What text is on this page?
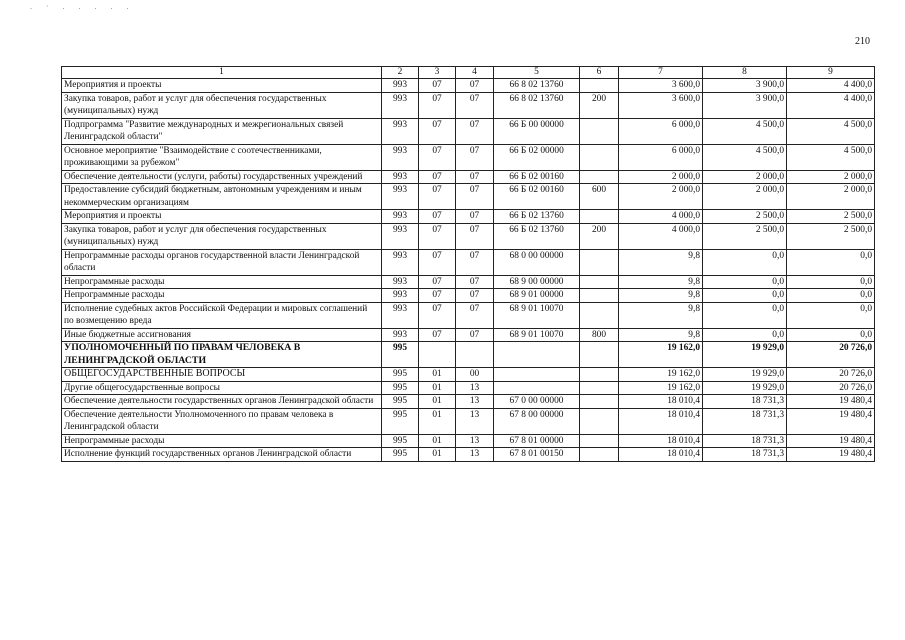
. · . . . . .
210
1	2	3	4	5	6	7	8	9
Мероприятия и проекты	993	07	07	66 8 02 13760		3 600,0	3 900,0	4 400,0
Закупка товаров, работ и услуг для обеспечения государственных (муниципальных) нужд	993	07	07	66 8 02 13760	200	3 600,0	3 900,0	4 400,0
Подпрограмма "Развитие международных и межрегиональных связей Ленинградской области"	993	07	07	66 Б 00 00000		6 000,0	4 500,0	4 500,0
Основное мероприятие "Взаимодействие с соотечественниками, проживающими за рубежом"	993	07	07	66 Б 02 00000		6 000,0	4 500,0	4 500,0
Обеспечение деятельности (услуги, работы) государственных учреждений	993	07	07	66 Б 02 00160		2 000,0	2 000,0	2 000,0
Предоставление субсидий бюджетным, автономным учреждениям и иным некоммерческим организациям	993	07	07	66 Б 02 00160	600	2 000,0	2 000,0	2 000,0
Мероприятия и проекты	993	07	07	66 Б 02 13760		4 000,0	2 500,0	2 500,0
Закупка товаров, работ и услуг для обеспечения государственных (муниципальных) нужд	993	07	07	66 Б 02 13760	200	4 000,0	2 500,0	2 500,0
Непрограммные расходы органов государственной власти Ленинградской области	993	07	07	68 0 00 00000		9,8	0,0	0,0
Непрограммные расходы	993	07	07	68 9 00 00000		9,8	0,0	0,0
Непрограммные расходы	993	07	07	68 9 01 00000		9,8	0,0	0,0
Исполнение судебных актов Российской Федерации и мировых соглашений по возмещению вреда	993	07	07	68 9 01 10070		9,8	0,0	0,0
Иные бюджетные ассигнования	993	07	07	68 9 01 10070	800	9,8	0,0	0,0
УПОЛНОМОЧЕННЫЙ ПО ПРАВАМ ЧЕЛОВЕКА В ЛЕНИНГРАДСКОЙ ОБЛАСТИ	995					19 162,0	19 929,0	20 726,0
ОБЩЕГОСУДАРСТВЕННЫЕ ВОПРОСЫ	995	01	00			19 162,0	19 929,0	20 726,0
Другие общегосударственные вопросы	995	01	13			19 162,0	19 929,0	20 726,0
Обеспечение деятельности государственных органов Ленинградской области	995	01	13	67 0 00 00000		18 010,4	18 731,3	19 480,4
Обеспечение деятельности Уполномоченного по правам человека в Ленинградской области	995	01	13	67 8 00 00000		18 010,4	18 731,3	19 480,4
Непрограммные расходы	995	01	13	67 8 01 00000		18 010,4	18 731,3	19 480,4
Исполнение функций государственных органов Ленинградской области	995	01	13	67 8 01 00150		18 010,4	18 731,3	19 480,4
